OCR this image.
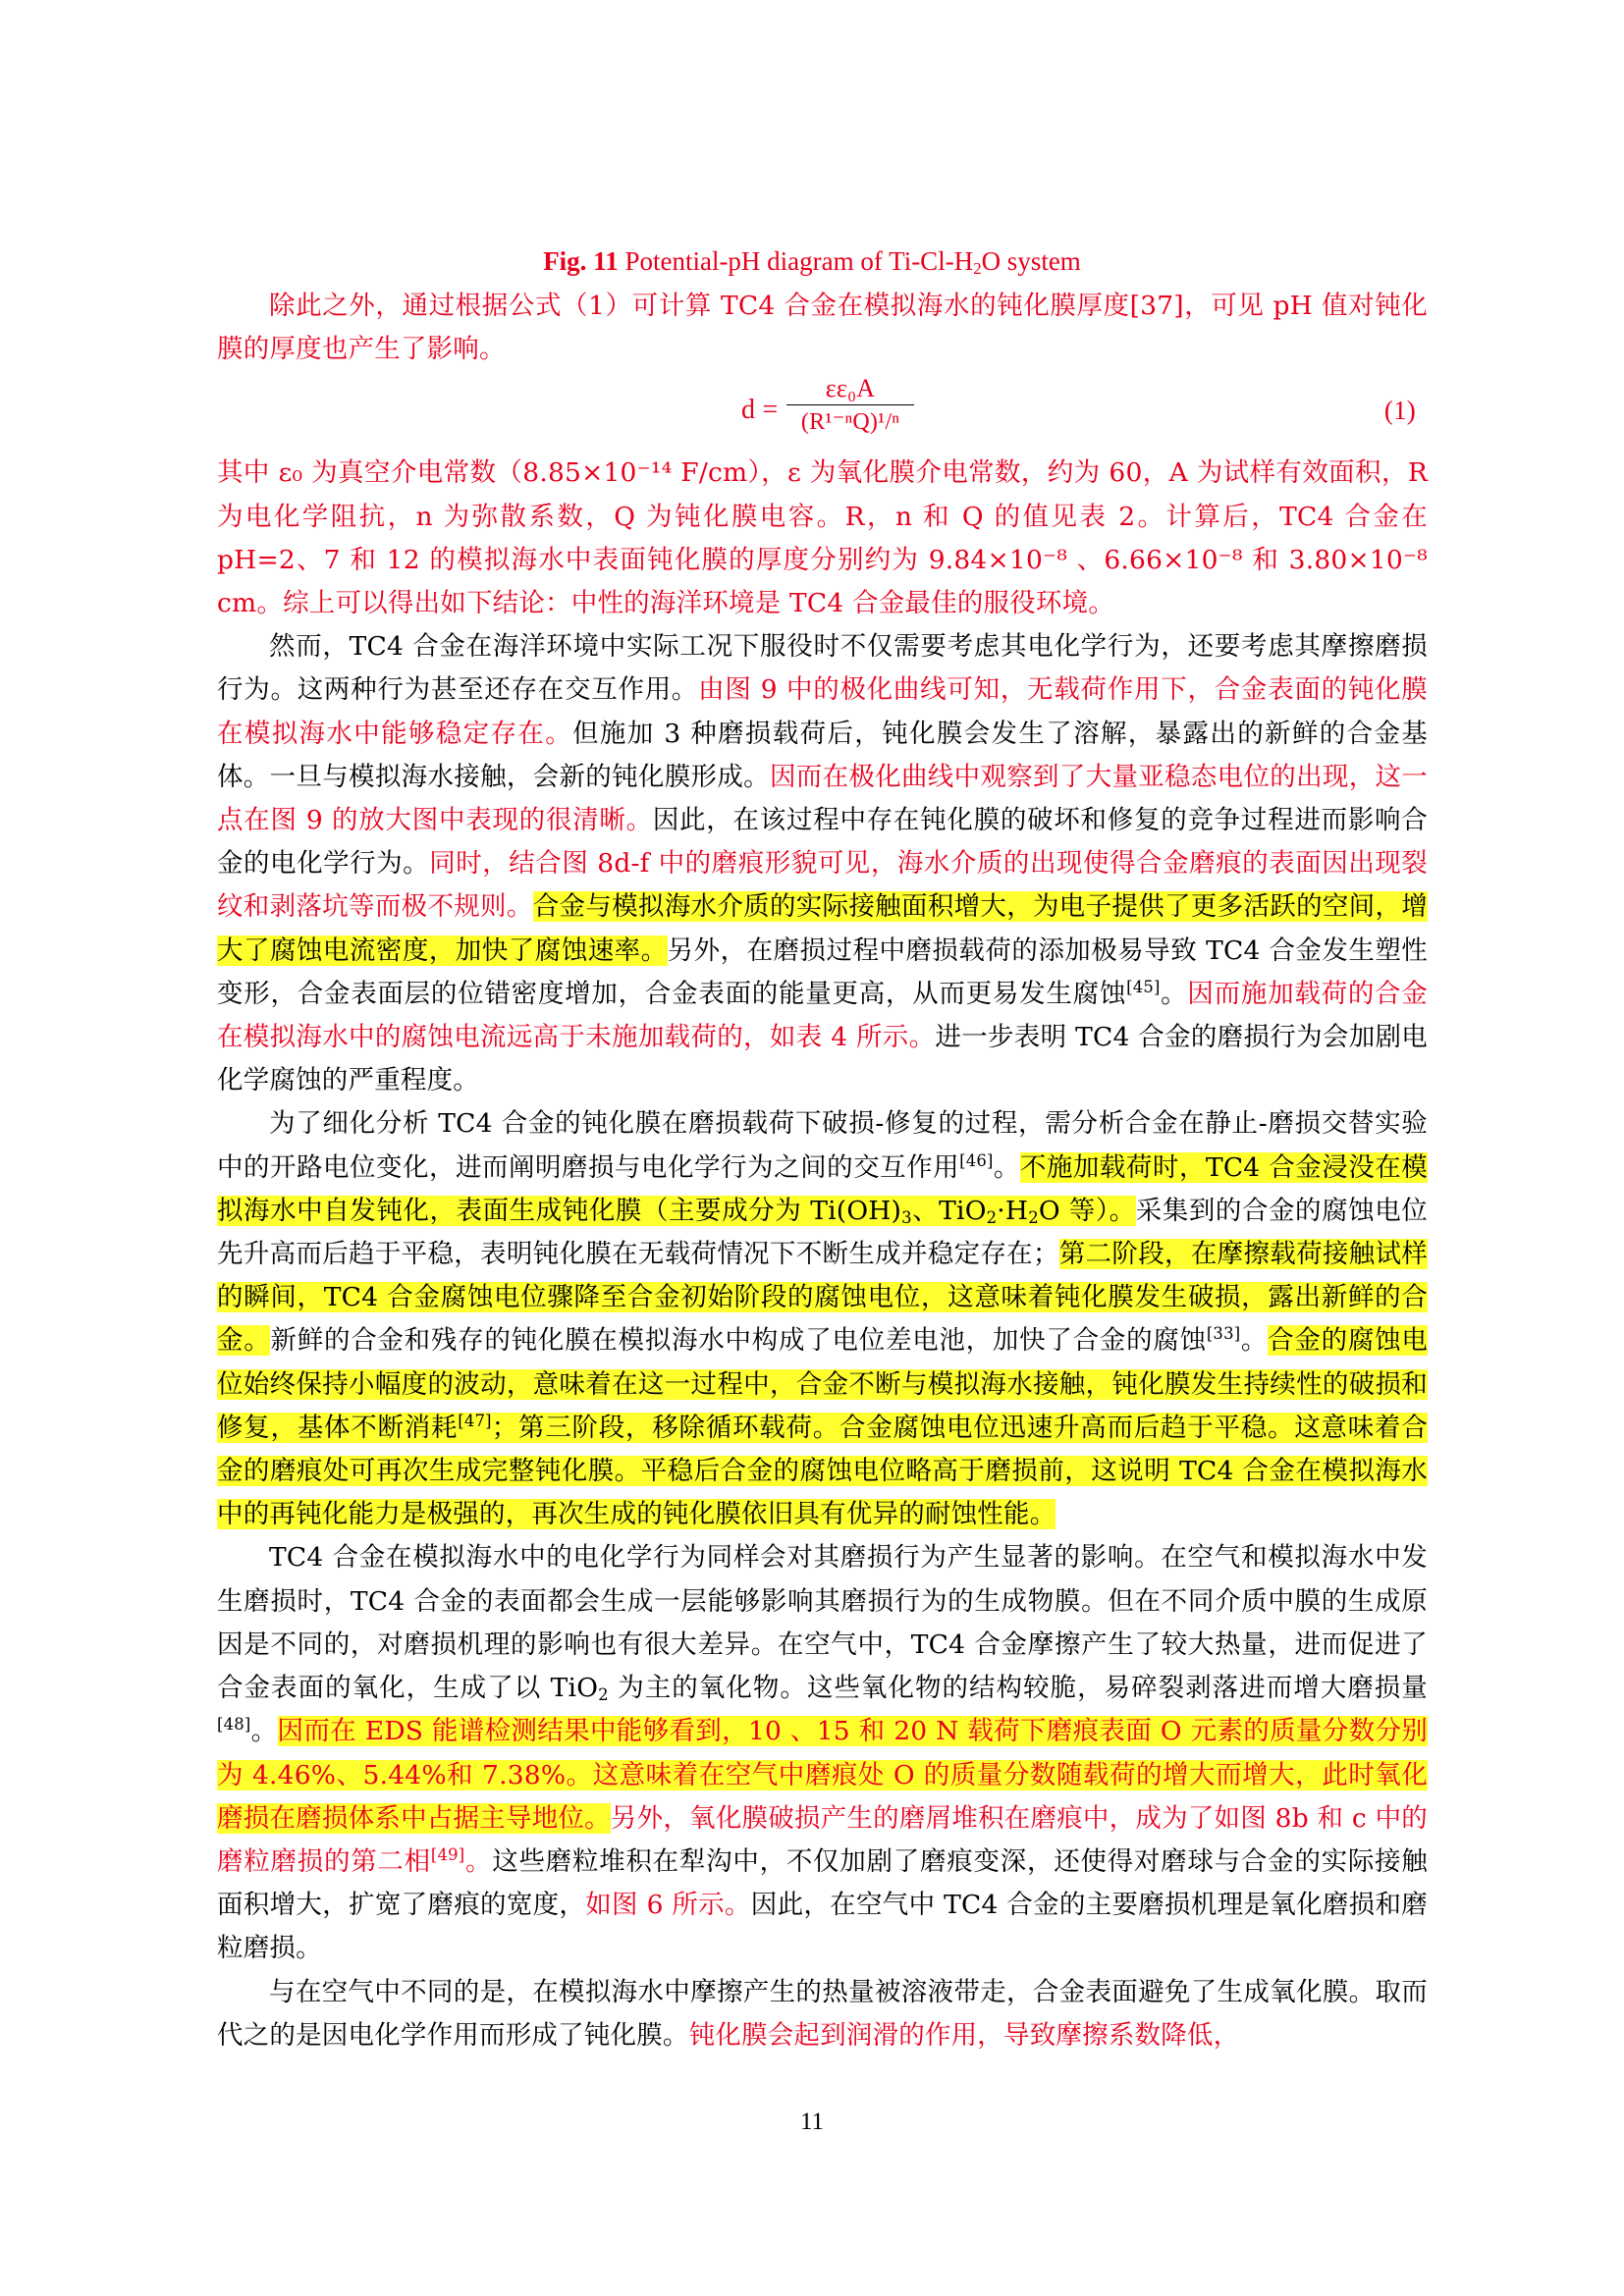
Fig. 11 Potential-pH diagram of $Ti-Cl-H_2O$ system

除此之外，通过根据公式（1）可计算 TC4 合金在模拟海水的钝化膜厚度[37]，可见 pH 值对钝化膜的厚度也产生了影响。

$d = \frac{\text{εε₀A}}{\text{(R¹⁻ⁿQ)¹/ⁿ}}$	(1)

其中 ε₀ 为真空介电常数（8.85×10⁻¹⁴ F/cm），ε 为氧化膜介电常数，约为 60，A 为试样有效面积，R 为电化学阻抗，n 为弥散系数，Q 为钝化膜电容。R，n 和 Q 的值见表 2。计算后，TC4 合金在 pH=2、7 和 12 的模拟海水中表面钝化膜的厚度分别约为 9.84×10⁻⁸ 、6.66×10⁻⁸ 和 3.80×10⁻⁸ cm。综上可以得出如下结论：中性的海洋环境是 TC4 合金最佳的服役环境。

然而，TC4 合金在海洋环境中实际工况下服役时不仅需要考虑其电化学行为，还要考虑其摩擦磨损行为。这两种行为甚至还存在交互作用。由图 9 中的极化曲线可知，无载荷作用下，合金表面的钝化膜在模拟海水中能够稳定存在。但施加 3 种磨损载荷后，钝化膜会发生了溶解，暴露出的新鲜的合金基体。一旦与模拟海水接触，会新的钝化膜形成。因而在极化曲线中观察到了大量亚稳态电位的出现，这一点在图 9 的放大图中表现的很清晰。因此，在该过程中存在钝化膜的破坏和修复的竞争过程进而影响合金的电化学行为。同时，结合图 8d-f 中的磨痕形貌可见，海水介质的出现使得合金磨痕的表面因出现裂纹和剥落坑等而极不规则。合金与模拟海水介质的实际接触面积增大，为电子提供了更多活跃的空间，增大了腐蚀电流密度，加快了腐蚀速率。另外，在磨损过程中磨损载荷的添加极易导致 TC4 合金发生塑性变形，合金表面层的位错密度增加，合金表面的能量更高，从而更易发生腐蚀[45]。因而施加载荷的合金在模拟海水中的腐蚀电流远高于未施加载荷的，如表 4 所示。进一步表明 TC4 合金的磨损行为会加剧电化学腐蚀的严重程度。

为了细化分析 TC4 合金的钝化膜在磨损载荷下破损-修复的过程，需分析合金在静止-磨损交替实验中的开路电位变化，进而阐明磨损与电化学行为之间的交互作用[46]。不施加载荷时，TC4 合金浸没在模拟海水中自发钝化，表面生成钝化膜（主要成分为 $Ti(OH)_3$、$TiO_2\cdot H_2O$ 等）。采集到的合金的腐蚀电位先升高而后趋于平稳，表明钝化膜在无载荷情况下不断生成并稳定存在；第二阶段，在摩擦载荷接触试样的瞬间，TC4 合金腐蚀电位骤降至合金初始阶段的腐蚀电位，这意味着钝化膜发生破损，露出新鲜的合金。新鲜的合金和残存的钝化膜在模拟海水中构成了电位差电池，加快了合金的腐蚀[33]。合金的腐蚀电位始终保持小幅度的波动，意味着在这一过程中，合金不断与模拟海水接触，钝化膜发生持续性的破损和修复，基体不断消耗[47]；第三阶段，移除循环载荷。合金腐蚀电位迅速升高而后趋于平稳。这意味着合金的磨痕处可再次生成完整钝化膜。平稳后合金的腐蚀电位略高于磨损前，这说明 TC4 合金在模拟海水中的再钝化能力是极强的，再次生成的钝化膜依旧具有优异的耐蚀性能。

TC4 合金在模拟海水中的电化学行为同样会对其磨损行为产生显著的影响。在空气和模拟海水中发生磨损时，TC4 合金的表面都会生成一层能够影响其磨损行为的生成物膜。但在不同介质中膜的生成原因是不同的，对磨损机理的影响也有很大差异。在空气中，TC4 合金摩擦产生了较大热量，进而促进了合金表面的氧化，生成了以 TiO$_2$ 为主的氧化物。这些氧化物的结构较脆，易碎裂剥落进而增大磨损量[48]。因而在 EDS 能谱检测结果中能够看到，10 、15 和 20 N 载荷下磨痕表面 O 元素的质量分数分别为 4.46%、5.44%和 7.38%。这意味着在空气中磨痕处 O 的质量分数随载荷的增大而增大，此时氧化磨损在磨损体系中占据主导地位。另外，氧化膜破损产生的磨屑堆积在磨痕中，成为了如图 8b 和 c 中的磨粒磨损的第二相[49]。这些磨粒堆积在犁沟中，不仅加剧了磨痕变深，还使得对磨球与合金的实际接触面积增大，扩宽了磨痕的宽度，如图 6 所示。因此，在空气中 TC4 合金的主要磨损机理是氧化磨损和磨粒磨损。

与在空气中不同的是，在模拟海水中摩擦产生的热量被溶液带走，合金表面避免了生成氧化膜。取而代之的是因电化学作用而形成了钝化膜。钝化膜会起到润滑的作用，导致摩擦系数降低，

11
